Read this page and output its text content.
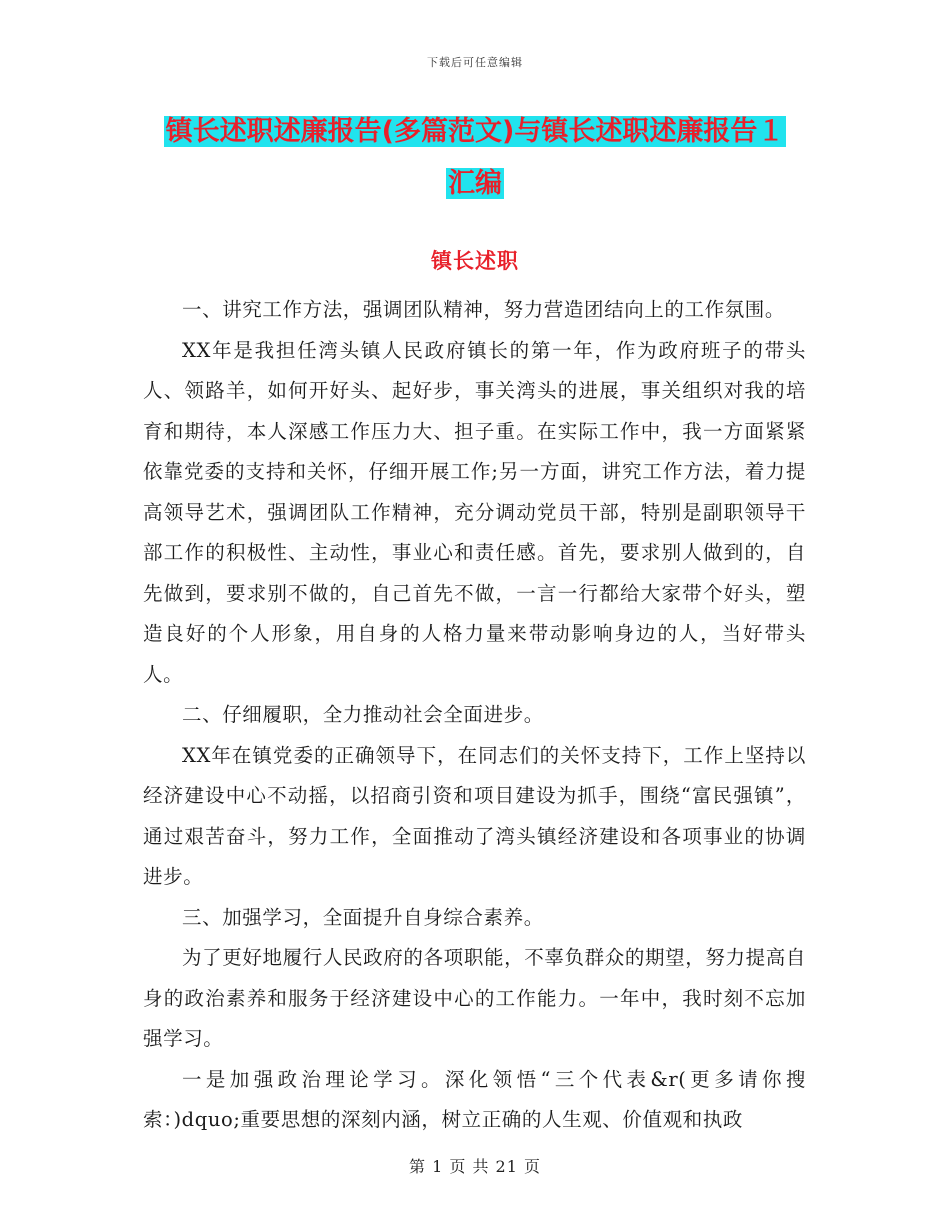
下载后可任意编辑
镇长述职述廉报告(多篇范文)与镇长述职述廉报告１
汇编
镇长述职

一、讲究工作方法，强调团队精神，努力营造团结向上的工作氛围。

XX年是我担任湾头镇人民政府镇长的第一年，作为政府班子的带头人、领路羊，如何开好头、起好步，事关湾头的进展，事关组织对我的培育和期待，本人深感工作压力大、担子重。在实际工作中，我一方面紧紧依靠党委的支持和关怀，仔细开展工作;另一方面，讲究工作方法，着力提高领导艺术，强调团队工作精神，充分调动党员干部，特别是副职领导干部工作的积极性、主动性，事业心和责任感。首先，要求别人做到的，自先做到，要求别不做的，自己首先不做，一言一行都给大家带个好头，塑造良好的个人形象，用自身的人格力量来带动影响身边的人，当好带头人。

二、仔细履职，全力推动社会全面进步。

XX年在镇党委的正确领导下，在同志们的关怀支持下，工作上坚持以经济建设中心不动摇，以招商引资和项目建设为抓手，围绕“富民强镇”，通过艰苦奋斗，努力工作，全面推动了湾头镇经济建设和各项事业的协调进步。

三、加强学习，全面提升自身综合素养。

为了更好地履行人民政府的各项职能，不辜负群众的期望，努力提高自身的政治素养和服务于经济建设中心的工作能力。一年中，我时刻不忘加强学习。

一是加强政治理论学习。深化领悟“三个代表&r(更多请你搜索：)dquo;重要思想的深刻内涵，树立正确的人生观、价值观和执政

第 1 页 共 21 页
